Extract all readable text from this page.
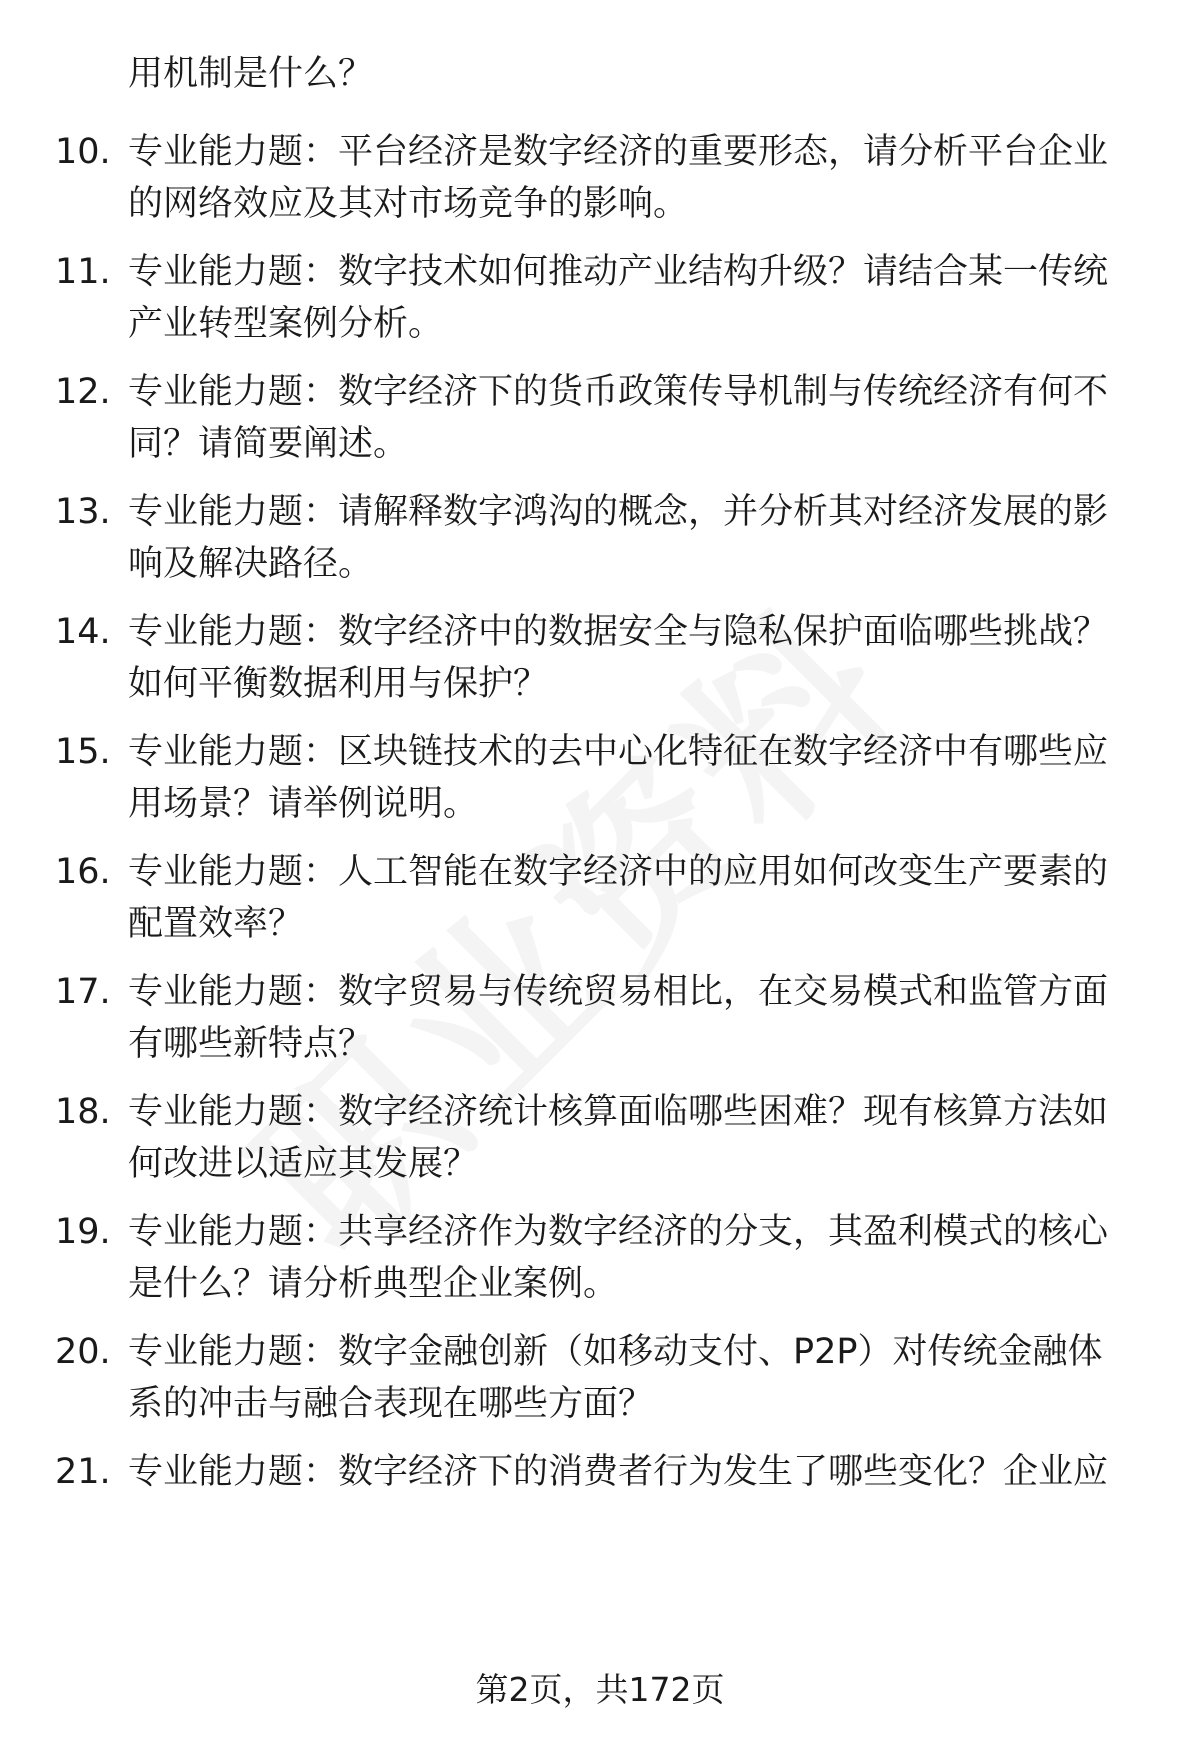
用机制是什么？
10. 专业能力题：平台经济是数字经济的重要形态，请分析平台企业
的网络效应及其对市场竞争的影响。
11. 专业能力题：数字技术如何推动产业结构升级？请结合某一传统
产业转型案例分析。
12. 专业能力题：数字经济下的货币政策传导机制与传统经济有何不
同？请简要阐述。
13. 专业能力题：请解释数字鸿沟的概念，并分析其对经济发展的影
响及解决路径。
14. 专业能力题：数字经济中的数据安全与隐私保护面临哪些挑战？
如何平衡数据利用与保护？
15. 专业能力题：区块链技术的去中心化特征在数字经济中有哪些应
用场景？请举例说明。
16. 专业能力题：人工智能在数字经济中的应用如何改变生产要素的
配置效率？
17. 专业能力题：数字贸易与传统贸易相比，在交易模式和监管方面
有哪些新特点？
18. 专业能力题：数字经济统计核算面临哪些困难？现有核算方法如
何改进以适应其发展？
19. 专业能力题：共享经济作为数字经济的分支，其盈利模式的核心
是什么？请分析典型企业案例。
20. 专业能力题：数字金融创新（如移动支付、P2P）对传统金融体
系的冲击与融合表现在哪些方面？
21. 专业能力题：数字经济下的消费者行为发生了哪些变化？企业应
第2页，共172页
